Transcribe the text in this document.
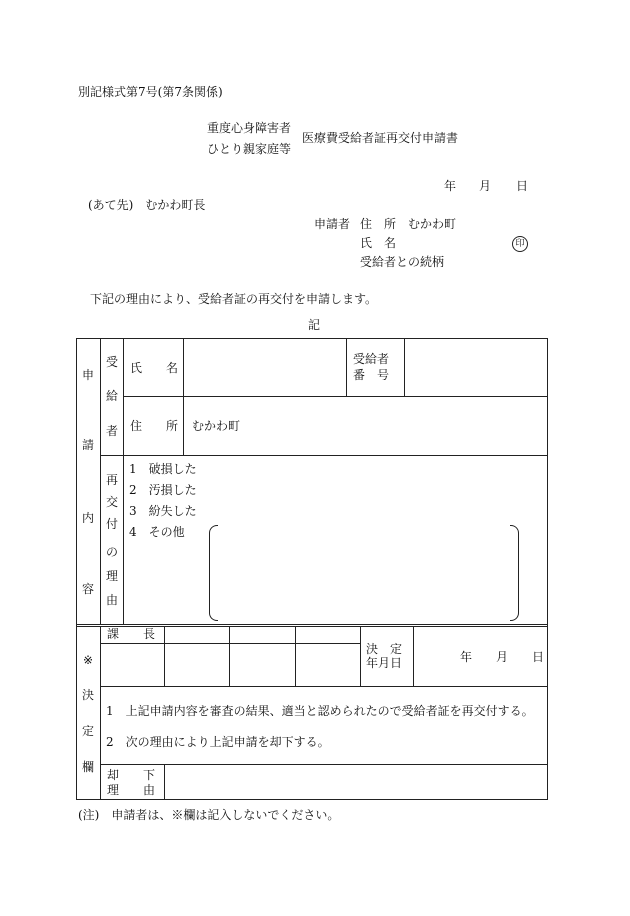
別記様式第7号(第7条関係)
重度心身障害者
ひとり親家庭等
医療費受給者証再交付申請書
年 月 日
(あて先)　むかわ町長
申請者 住　所 むかわ町
氏　名	印
受給者との続柄
下記の理由により、受給者証の再交付を申請します。
記
申
請
内
容
受
給
者
氏　　名
受給者
番　号
住　　所 むかわ町
再
交
付
の
理
由
1　破損した
2　汚損した
3　紛失した
4　その他
※
決
定
欄
課　　長
決　定
年月日	年　　月　　日
1　上記申請内容を審査の結果、適当と認められたので受給者証を再交付する。
2　次の理由により上記申請を却下する。
却　　下
理　　由
(注)　申請者は、※欄は記入しないでください。
